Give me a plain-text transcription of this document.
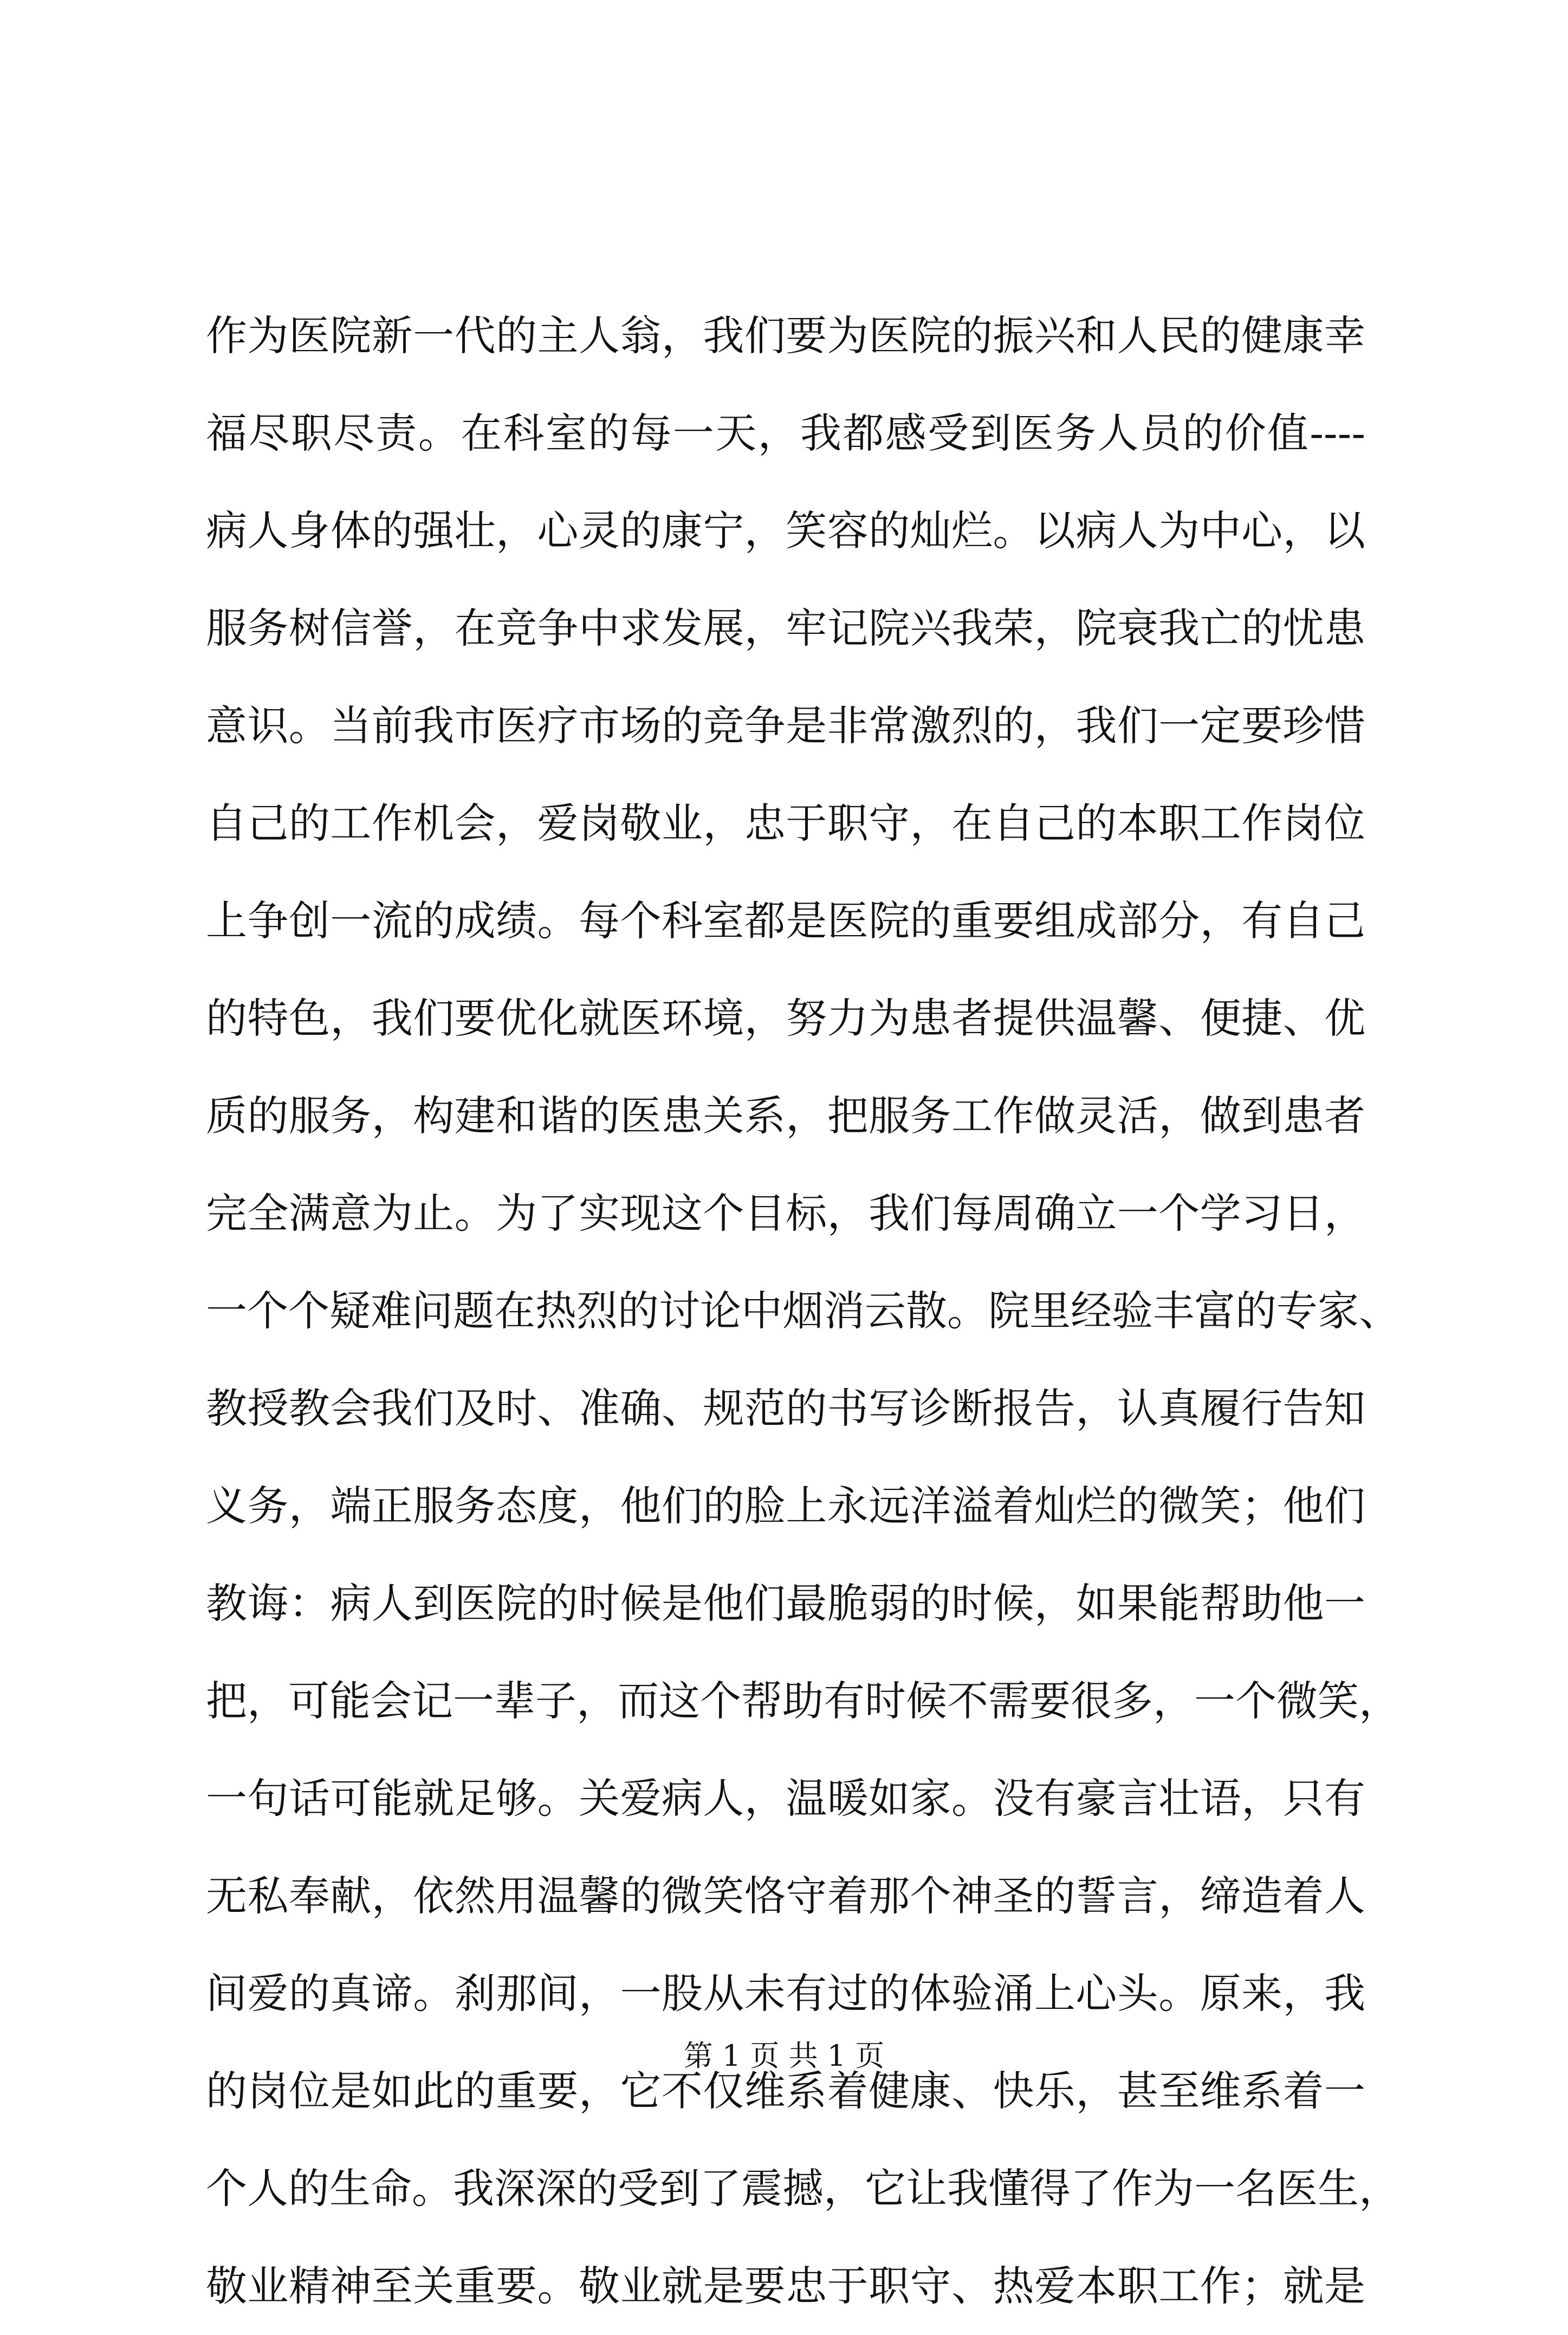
作为医院新一代的主人翁，我们要为医院的振兴和人民的健康幸
福尽职尽责。在科室的每一天，我都感受到医务人员的价值----
病人身体的强壮，心灵的康宁，笑容的灿烂。以病人为中心，以
服务树信誉，在竞争中求发展，牢记院兴我荣，院衰我亡的忧患
意识。当前我市医疗市场的竞争是非常激烈的，我们一定要珍惜
自己的工作机会，爱岗敬业，忠于职守，在自己的本职工作岗位
上争创一流的成绩。每个科室都是医院的重要组成部分，有自己
的特色，我们要优化就医环境，努力为患者提供温馨、便捷、优
质的服务，构建和谐的医患关系，把服务工作做灵活，做到患者
完全满意为止。为了实现这个目标，我们每周确立一个学习日，
一个个疑难问题在热烈的讨论中烟消云散。院里经验丰富的专家、
教授教会我们及时、准确、规范的书写诊断报告，认真履行告知
义务，端正服务态度，他们的脸上永远洋溢着灿烂的微笑；他们
教诲：病人到医院的时候是他们最脆弱的时候，如果能帮助他一
把，可能会记一辈子，而这个帮助有时候不需要很多，一个微笑，
一句话可能就足够。关爱病人，温暖如家。没有豪言壮语，只有
无私奉献，依然用温馨的微笑恪守着那个神圣的誓言，缔造着人
间爱的真谛。刹那间，一股从未有过的体验涌上心头。原来，我
的岗位是如此的重要，它不仅维系着健康、快乐，甚至维系着一
个人的生命。我深深的受到了震撼，它让我懂得了作为一名医生，
敬业精神至关重要。敬业就是要忠于职守、热爱本职工作；就是
第 1 页 共 1 页
